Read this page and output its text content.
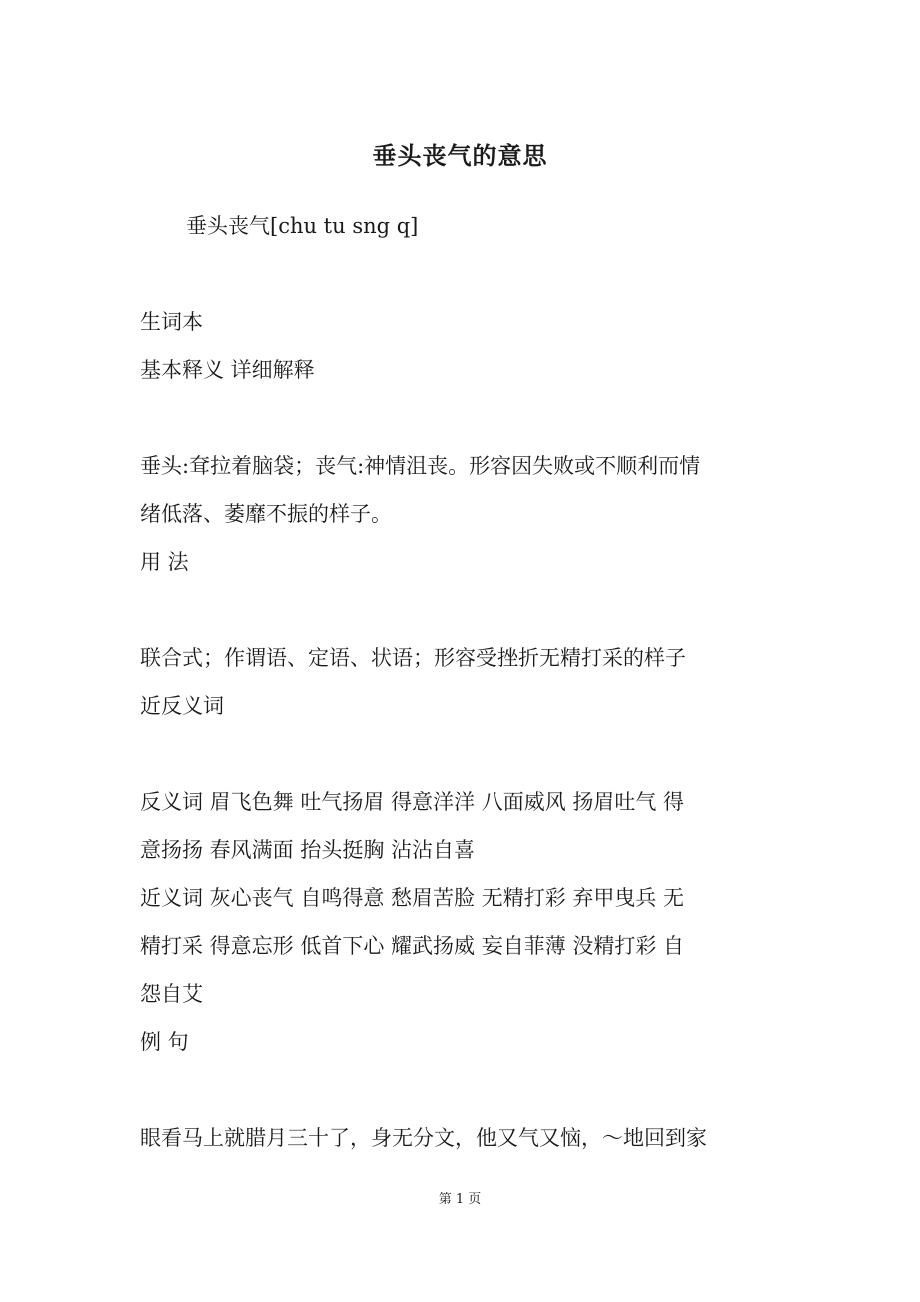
垂头丧气的意思
垂头丧气[chu tu sng q]
生词本
基本释义 详细解释
垂头:耷拉着脑袋；丧气:神情沮丧。形容因失败或不顺利而情
绪低落、萎靡不振的样子。
用 法
联合式；作谓语、定语、状语；形容受挫折无精打采的样子
近反义词
反义词 眉飞色舞 吐气扬眉 得意洋洋 八面威风 扬眉吐气 得
意扬扬 春风满面 抬头挺胸 沾沾自喜
近义词 灰心丧气 自鸣得意 愁眉苦脸 无精打彩 弃甲曳兵 无
精打采 得意忘形 低首下心 耀武扬威 妄自菲薄 没精打彩 自
怨自艾
例 句
眼看马上就腊月三十了，身无分文，他又气又恼，～地回到家
第 1 页
